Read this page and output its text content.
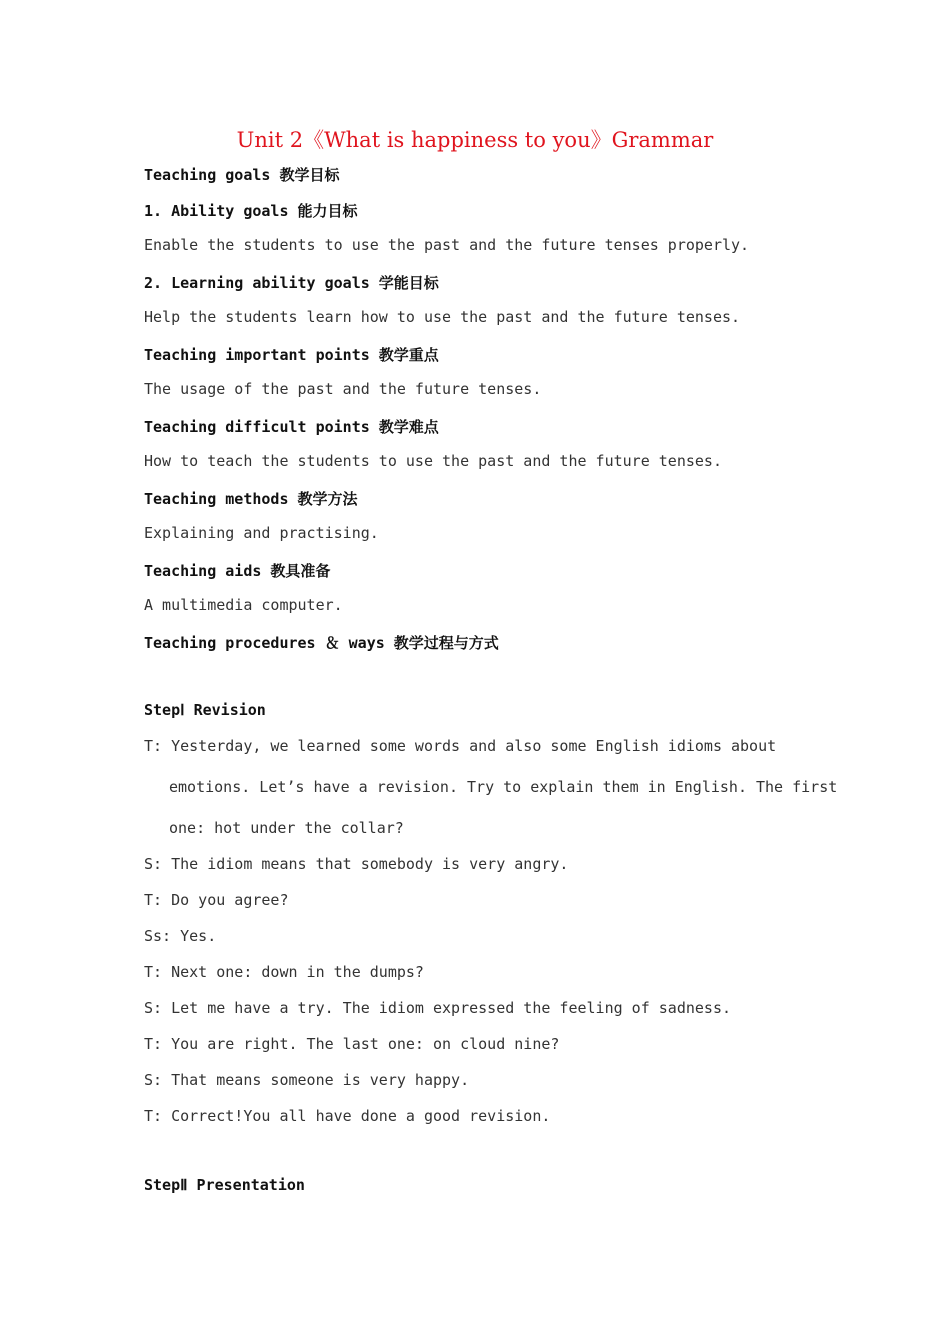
Unit 2《What is happiness to you》Grammar
Teaching goals 教学目标
1. Ability goals 能力目标
Enable the students to use the past and the future tenses properly.
2. Learning ability goals 学能目标
Help the students learn how to use the past and the future tenses.
Teaching important points 教学重点
The usage of the past and the future tenses.
Teaching difficult points 教学难点
How to teach the students to use the past and the future tenses.
Teaching methods 教学方法
Explaining and practising.
Teaching aids 教具准备
A multimedia computer.
Teaching procedures ＆ ways 教学过程与方式
StepⅠ Revision
T: Yesterday, we learned some words and also some English idioms about
emotions. Let’s have a revision. Try to explain them in English. The first
one: hot under the collar?
S: The idiom means that somebody is very angry.
T: Do you agree?
Ss: Yes.
T: Next one: down in the dumps?
S: Let me have a try. The idiom expressed the feeling of sadness.
T: You are right. The last one: on cloud nine?
S: That means someone is very happy.
T: Correct!You all have done a good revision.
StepⅡ Presentation
